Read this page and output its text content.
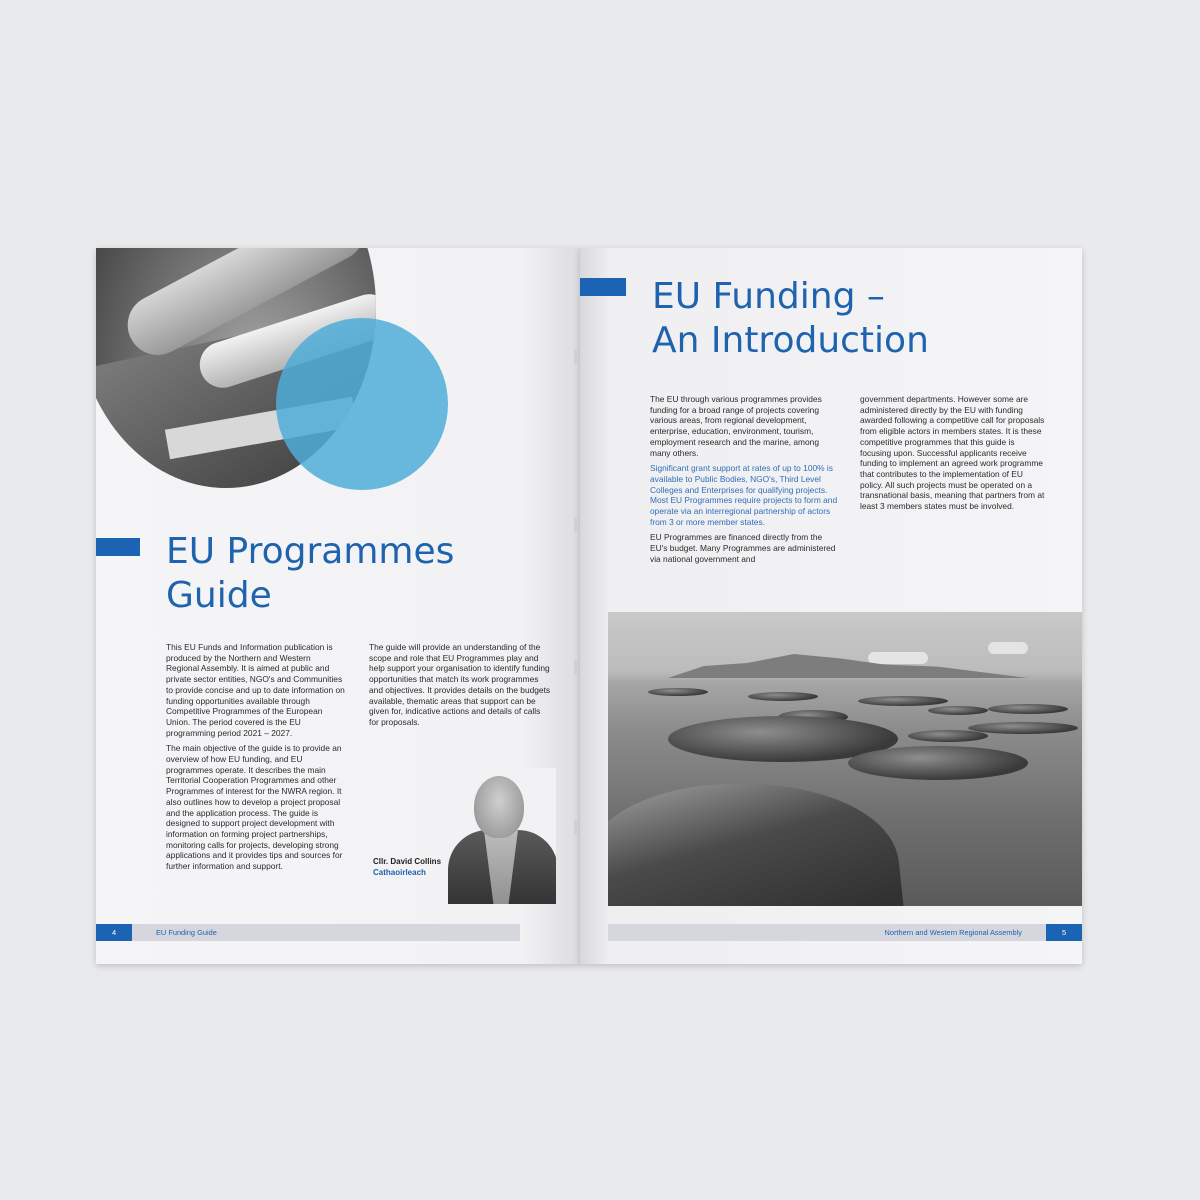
EU Programmes
Guide

This EU Funds and Information publication is produced by the Northern and Western Regional Assembly. It is aimed at public and private sector entities, NGO's and Communities to provide concise and up to date information on funding opportunities available through Competitive Programmes of the European Union. The period covered is the EU programming period 2021 – 2027.

The main objective of the guide is to provide an overview of how EU funding, and EU programmes operate. It describes the main Territorial Cooperation Programmes and other Programmes of interest for the NWRA region. It also outlines how to develop a project proposal and the application process. The guide is designed to support project development with information on forming project partnerships, monitoring calls for projects, developing strong applications and it provides tips and sources for further information and support.

The guide will provide an understanding of the scope and role that EU Programmes play and help support your organisation to identify funding opportunities that match its work programmes and objectives. It provides details on the budgets available, thematic areas that support can be given for, indicative actions and details of calls for proposals.

Cllr. David Collins
Cathaoirleach
4	EU Funding Guide
EU Funding –
An Introduction

The EU through various programmes provides funding for a broad range of projects covering various areas, from regional development, enterprise, education, environment, tourism, employment research and the marine, among many others.

Significant grant support at rates of up to 100% is available to Public Bodies, NGO's, Third Level Colleges and Enterprises for qualifying projects. Most EU Programmes require projects to form and operate via an interregional partnership of actors from 3 or more member states.

EU Programmes are financed directly from the EU's budget. Many Programmes are administered via national government and

government departments. However some are administered directly by the EU with funding awarded following a competitive call for proposals from eligible actors in members states. It is these competitive programmes that this guide is focusing upon. Successful applicants receive funding to implement an agreed work programme that contributes to the implementation of EU policy. All such projects must be operated on a transnational basis, meaning that partners from at least 3 members states must be involved.

Northern and Western Regional Assembly	5
